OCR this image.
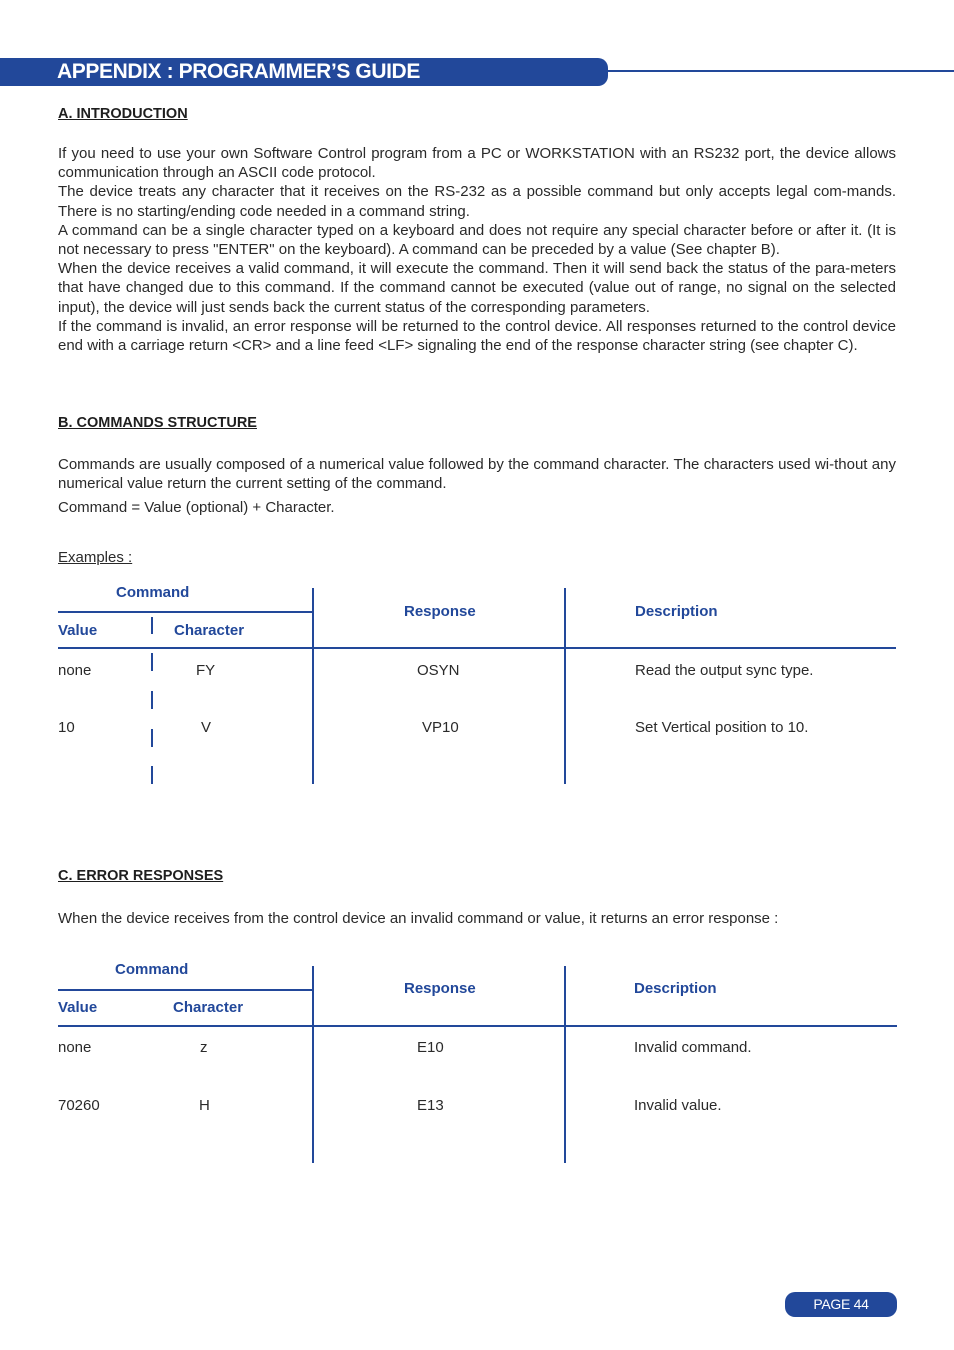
APPENDIX : PROGRAMMER’S GUIDE
A. INTRODUCTION

If you need to use your own Software Control program from a PC or WORKSTATION with an RS232 port, the device allows communication through an ASCII code protocol.

The device treats any character that it receives on the RS-232 as a possible command but only accepts legal com-mands. There is no starting/ending code needed in a command string.

A command can be a single character typed on a keyboard and does not require any special character before or after it. (It is not necessary to press "ENTER" on the keyboard). A command can be preceded by a value (See chapter B).

When the device receives a valid command, it will execute the command. Then it will send back the status of the para-meters that have changed due to this command. If the command cannot be executed (value out of range, no signal on the selected input), the device will just sends back the current status of the corresponding parameters.

If the command is invalid, an error response will be returned to the control device. All responses returned to the control device end with a carriage return <CR> and a line feed <LF> signaling the end of the response character string (see chapter C).

B. COMMANDS STRUCTURE
Commands are usually composed of a numerical value followed by the command character. The characters used wi-thout any numerical value return the current setting of the command.
Command = Value (optional) + Character.
Examples :
Command
Value	Character
Response	Description
none	FY	OSYN	Read the output sync type.
10	V	VP10	Set Vertical position to 10.
C. ERROR RESPONSES
When the device receives from the control device an invalid command or value, it returns an error response :
Command
Value	Character
Response	Description
none	z	E10	Invalid command.
70260	H	E13	Invalid value.
PAGE 44
